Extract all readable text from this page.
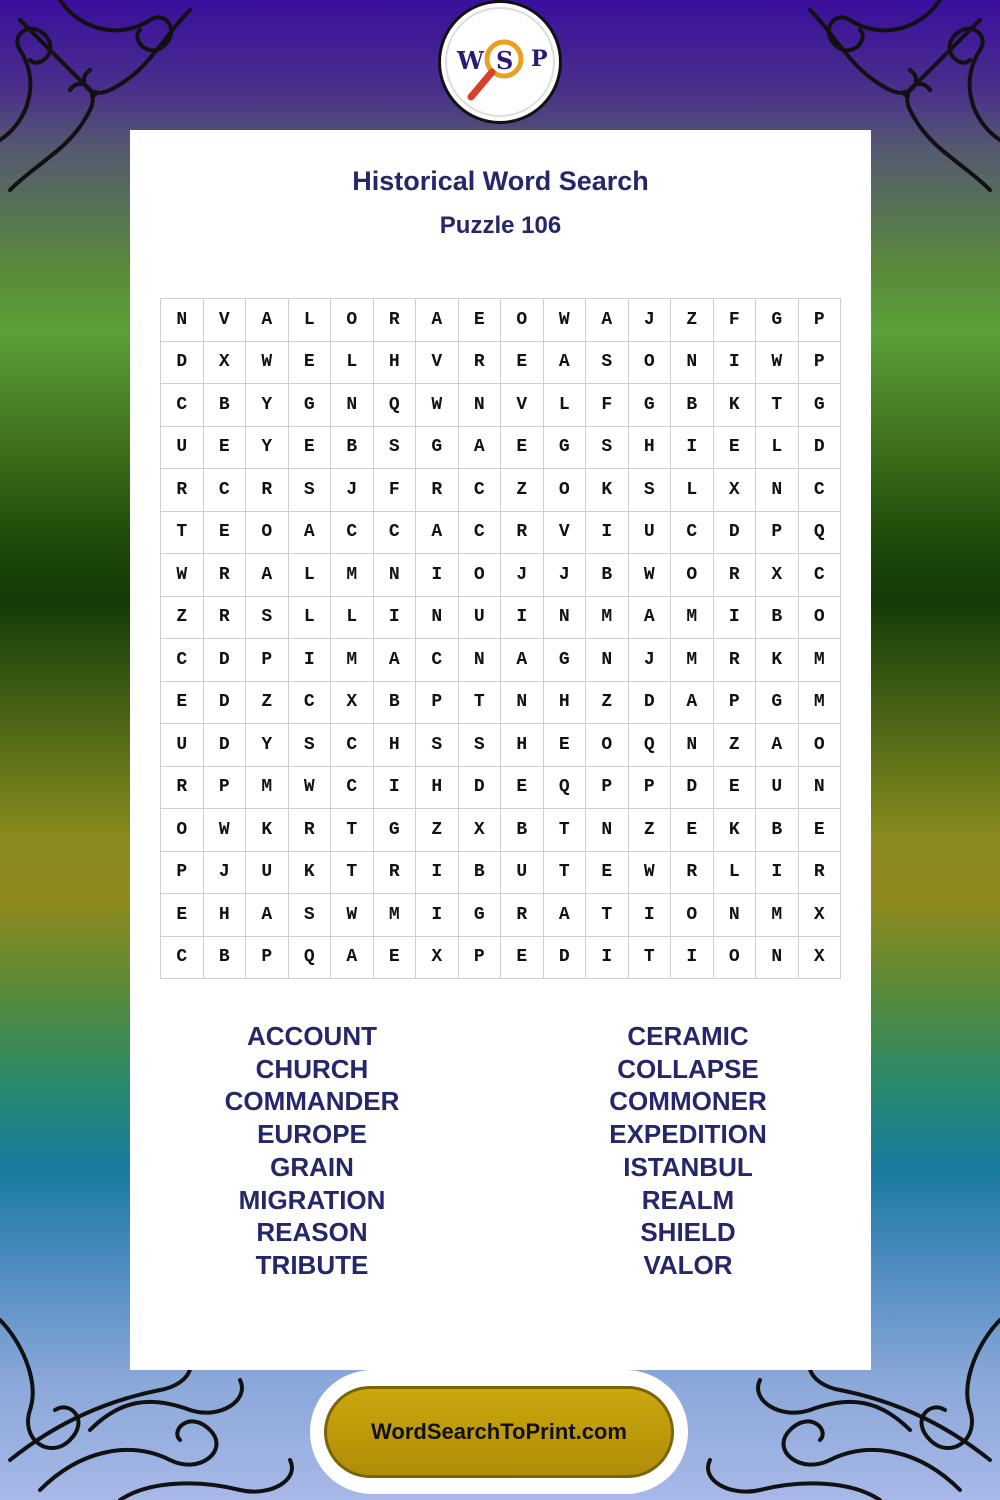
W S P
Historical Word Search
Puzzle 106
N	V	A	L	O	R	A	E	O	W	A	J	Z	F	G	P
D	X	W	E	L	H	V	R	E	A	S	O	N	I	W	P
C	B	Y	G	N	Q	W	N	V	L	F	G	B	K	T	G
U	E	Y	E	B	S	G	A	E	G	S	H	I	E	L	D
R	C	R	S	J	F	R	C	Z	O	K	S	L	X	N	C
T	E	O	A	C	C	A	C	R	V	I	U	C	D	P	Q
W	R	A	L	M	N	I	O	J	J	B	W	O	R	X	C
Z	R	S	L	L	I	N	U	I	N	M	A	M	I	B	O
C	D	P	I	M	A	C	N	A	G	N	J	M	R	K	M
E	D	Z	C	X	B	P	T	N	H	Z	D	A	P	G	M
U	D	Y	S	C	H	S	S	H	E	O	Q	N	Z	A	O
R	P	M	W	C	I	H	D	E	Q	P	P	D	E	U	N
O	W	K	R	T	G	Z	X	B	T	N	Z	E	K	B	E
P	J	U	K	T	R	I	B	U	T	E	W	R	L	I	R
E	H	A	S	W	M	I	G	R	A	T	I	O	N	M	X
C	B	P	Q	A	E	X	P	E	D	I	T	I	O	N	X
ACCOUNT
CHURCH
COMMANDER
EUROPE
GRAIN
MIGRATION
REASON
TRIBUTE
CERAMIC
COLLAPSE
COMMONER
EXPEDITION
ISTANBUL
REALM
SHIELD
VALOR
WordSearchToPrint.com
